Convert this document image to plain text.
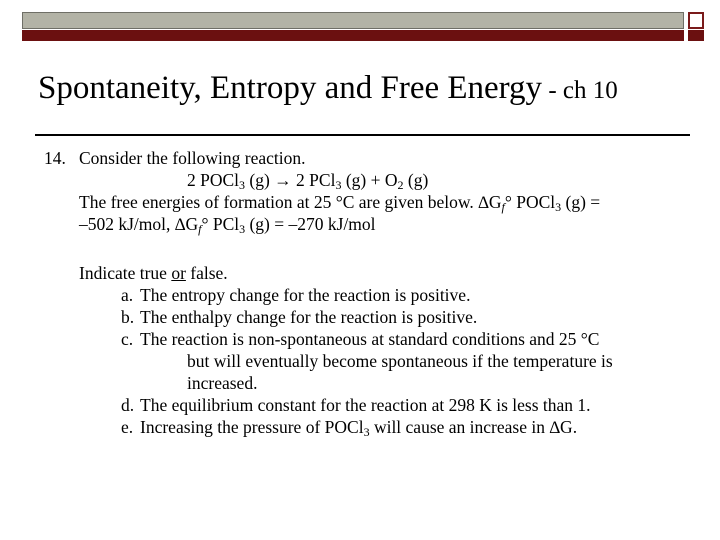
Spontaneity, Entropy and Free Energy - ch 10

14. Consider the following reaction.

2 POCl$_3$ (g) → 2 PCl$_3$ $(g) + O_2$ (g)

The free energies of formation at 25 °C are given below. $\Delta G_f^\circ$ POCl$_3$ (g) =

–502 kJ/mol, $\Delta G_f^\circ$ PCl$_3$ (g) = –270 kJ/mol

Indicate true or false.

a. The entropy change for the reaction is positive.
b. The enthalpy change for the reaction is positive.
c. The reaction is non-spontaneous at standard conditions and 25 °C

but will eventually become spontaneous if the temperature is

increased.

d. The equilibrium constant for the reaction at 298 K is less than 1.
e. Increasing the pressure of POCl$_3$ will cause an increase in ∆G.
